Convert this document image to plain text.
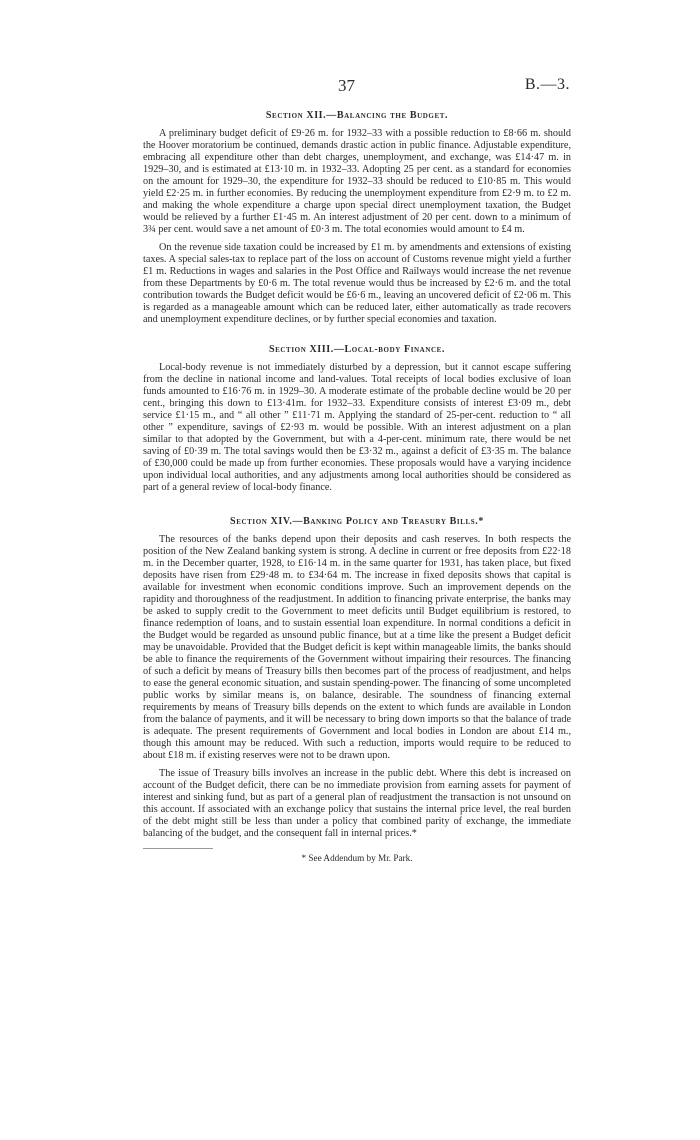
37	B.—3.
Section XII.—Balancing the Budget.

A preliminary budget deficit of £9·26 m. for 1932–33 with a possible reduction to £8·66 m. should the Hoover moratorium be continued, demands drastic action in public finance. Adjustable expenditure, embracing all expenditure other than debt charges, unemployment, and exchange, was £14·47 m. in 1929–30, and is estimated at £13·10 m. in 1932–33. Adopting 25 per cent. as a standard for economies on the amount for 1929–30, the expenditure for 1932–33 should be reduced to £10·85 m. This would yield £2·25 m. in further economies. By reducing the unemployment expenditure from £2·9 m. to £2 m. and making the whole expenditure a charge upon special direct unemployment taxation, the Budget would be relieved by a further £1·45 m. An interest adjustment of 20 per cent. down to a minimum of 3¾ per cent. would save a net amount of £0·3 m. The total economies would amount to £4 m.

On the revenue side taxation could be increased by £1 m. by amendments and extensions of existing taxes. A special sales-tax to replace part of the loss on account of Customs revenue might yield a further £1 m. Reductions in wages and salaries in the Post Office and Railways would increase the net revenue from these Departments by £0·6 m. The total revenue would thus be increased by £2·6 m. and the total contribution towards the Budget deficit would be £6·6 m., leaving an uncovered deficit of £2·06 m. This is regarded as a manageable amount which can be reduced later, either automatically as trade recovers and unemployment expenditure declines, or by further special economies and taxation.

Section XIII.—Local-body Finance.

Local-body revenue is not immediately disturbed by a depression, but it cannot escape suffering from the decline in national income and land-values. Total receipts of local bodies exclusive of loan funds amounted to £16·76 m. in 1929–30. A moderate estimate of the probable decline would be 20 per cent., bringing this down to £13·41m. for 1932–33. Expenditure consists of interest £3·09 m., debt service £1·15 m., and “ all other ” £11·71 m. Applying the standard of 25-per-cent. reduction to “ all other ” expenditure, savings of £2·93 m. would be possible. With an interest adjustment on a plan similar to that adopted by the Government, but with a 4-per-cent. minimum rate, there would be net saving of £0·39 m. The total savings would then be £3·32 m., against a deficit of £3·35 m. The balance of £30,000 could be made up from further economies. These proposals would have a varying incidence upon individual local authorities, and any adjustments among local authorities should be considered as part of a general review of local-body finance.

Section XIV.—Banking Policy and Treasury Bills.*

The resources of the banks depend upon their deposits and cash reserves. In both respects the position of the New Zealand banking system is strong. A decline in current or free deposits from £22·18 m. in the December quarter, 1928, to £16·14 m. in the same quarter for 1931, has taken place, but fixed deposits have risen from £29·48 m. to £34·64 m. The increase in fixed deposits shows that capital is available for investment when economic conditions improve. Such an improvement depends on the rapidity and thoroughness of the readjustment. In addition to financing private enterprise, the banks may be asked to supply credit to the Government to meet deficits until Budget equilibrium is restored, to finance redemption of loans, and to sustain essential loan expenditure. In normal conditions a deficit in the Budget would be regarded as unsound public finance, but at a time like the present a Budget deficit may be unavoidable. Provided that the Budget deficit is kept within manageable limits, the banks should be able to finance the requirements of the Government without impairing their resources. The financing of such a deficit by means of Treasury bills then becomes part of the process of readjustment, and helps to ease the general economic situation, and sustain spending-power. The financing of some uncompleted public works by similar means is, on balance, desirable. The soundness of financing external requirements by means of Treasury bills depends on the extent to which funds are available in London from the balance of payments, and it will be necessary to bring down imports so that the balance of trade is adequate. The present requirements of Government and local bodies in London are about £14 m., though this amount may be reduced. With such a reduction, imports would require to be reduced to about £18 m. if existing reserves were not to be drawn upon.

The issue of Treasury bills involves an increase in the public debt. Where this debt is increased on account of the Budget deficit, there can be no immediate provision from earning assets for payment of interest and sinking fund, but as part of a general plan of readjustment the transaction is not unsound on this account. If associated with an exchange policy that sustains the internal price level, the real burden of the debt might still be less than under a policy that combined parity of exchange, the immediate balancing of the budget, and the consequent fall in internal prices.*

* See Addendum by Mr. Park.
